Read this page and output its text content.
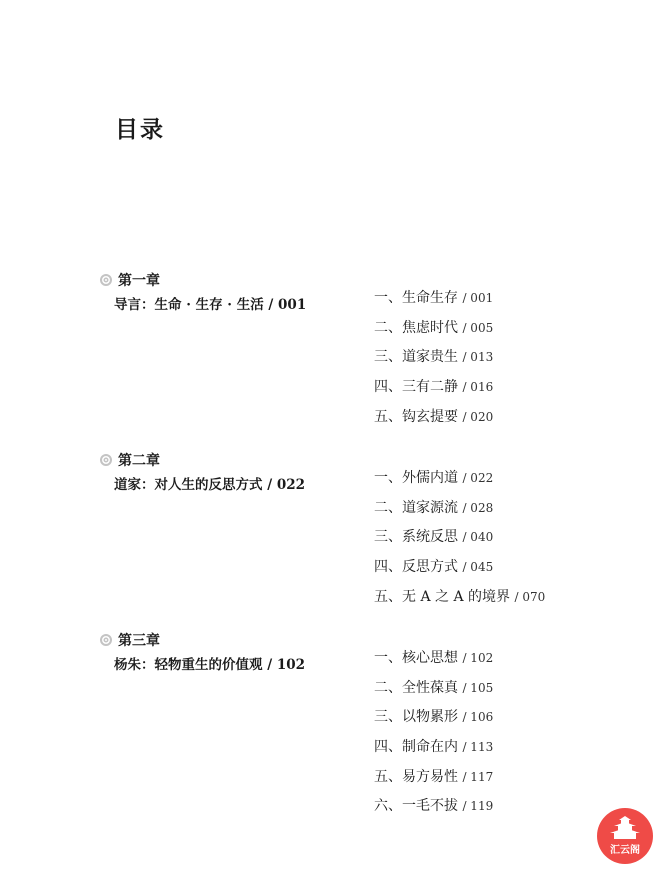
目录
第一章
导言：生命 · 生存 · 生活 / 001	一、生命生存 / 001
二、焦虑时代 / 005
三、道家贵生 / 013
四、三有二静 / 016
五、钩玄提要 / 020
第二章
道家：对人生的反思方式 / 022	一、外儒内道 / 022
二、道家源流 / 028
三、系统反思 / 040
四、反思方式 / 045
五、无 A 之 A 的境界 / 070
第三章
杨朱：轻物重生的价值观 / 102	一、核心思想 / 102
二、全性葆真 / 105
三、以物累形 / 106
四、制命在内 / 113
五、易方易性 / 117
六、一毛不拔 / 119
汇云阁
